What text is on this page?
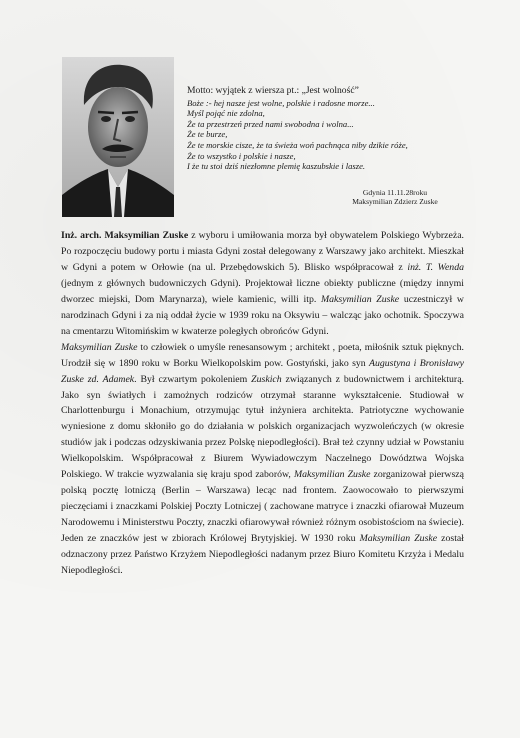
Motto: wyjątek z wiersza pt.: „Jest wolność”
Boże :- hej nasze jest wolne, polskie i radosne morze...
Myśl pojąć nie zdolna,
Że ta przestrzeń przed nami swobodna i wolna...
Że te burze,
Że te morskie cisze, że ta świeża woń pachnąca niby dzikie róże,
Że to wszystko i polskie i nasze,
I że tu stoi dziś niezłomne plemię kaszubskie i lasze.
Gdynia 11.11.28roku
Maksymilian Zdzierz Zuske

Inż. arch. Maksymilian Zuske z wyboru i umiłowania morza był obywatelem Polskiego Wybrzeża. Po rozpoczęciu budowy portu i miasta Gdyni został delegowany z Warszawy jako architekt. Mieszkał w Gdyni a potem w Orłowie (na ul. Przebędowskich 5). Blisko współpracował z inż. T. Wenda (jednym z głównych budowniczych Gdyni). Projektował liczne obiekty publiczne (między innymi dworzec miejski, Dom Marynarza), wiele kamienic, willi itp. Maksymilian Zuske uczestniczył w narodzinach Gdyni i za nią oddał życie w 1939 roku na Oksywiu – walcząc jako ochotnik. Spoczywa na cmentarzu Witomińskim w kwaterze poległych obrońców Gdyni.

Maksymilian Zuske to człowiek o umyśle renesansowym ; architekt , poeta, miłośnik sztuk pięknych. Urodził się w 1890 roku w Borku Wielkopolskim pow. Gostyński, jako syn Augustyna i Bronisławy Zuske zd. Adamek. Był czwartym pokoleniem Zuskich związanych z budownictwem i architekturą. Jako syn światłych i zamożnych rodziców otrzymał staranne wykształcenie. Studiował w Charlottenburgu i Monachium, otrzymując tytuł inżyniera architekta. Patriotyczne wychowanie wyniesione z domu skłoniło go do działania w polskich organizacjach wyzwoleńczych (w okresie studiów jak i podczas odzyskiwania przez Polskę niepodległości). Brał też czynny udział w Powstaniu Wielkopolskim. Współpracował z Biurem Wywiadowczym Naczelnego Dowództwa Wojska Polskiego. W trakcie wyzwalania się kraju spod zaborów, Maksymilian Zuske zorganizował pierwszą polską pocztę lotniczą (Berlin – Warszawa) lecąc nad frontem. Zaowocowało to pierwszymi pieczęciami i znaczkami Polskiej Poczty Lotniczej ( zachowane matryce i znaczki ofiarował Muzeum Narodowemu i Ministerstwu Poczty, znaczki ofiarowywał również różnym osobistościom na świecie). Jeden ze znaczków jest w zbiorach Królowej Brytyjskiej. W 1930 roku Maksymilian Zuske został odznaczony przez Państwo Krzyżem Niepodległości nadanym przez Biuro Komitetu Krzyża i Medalu Niepodległości.
